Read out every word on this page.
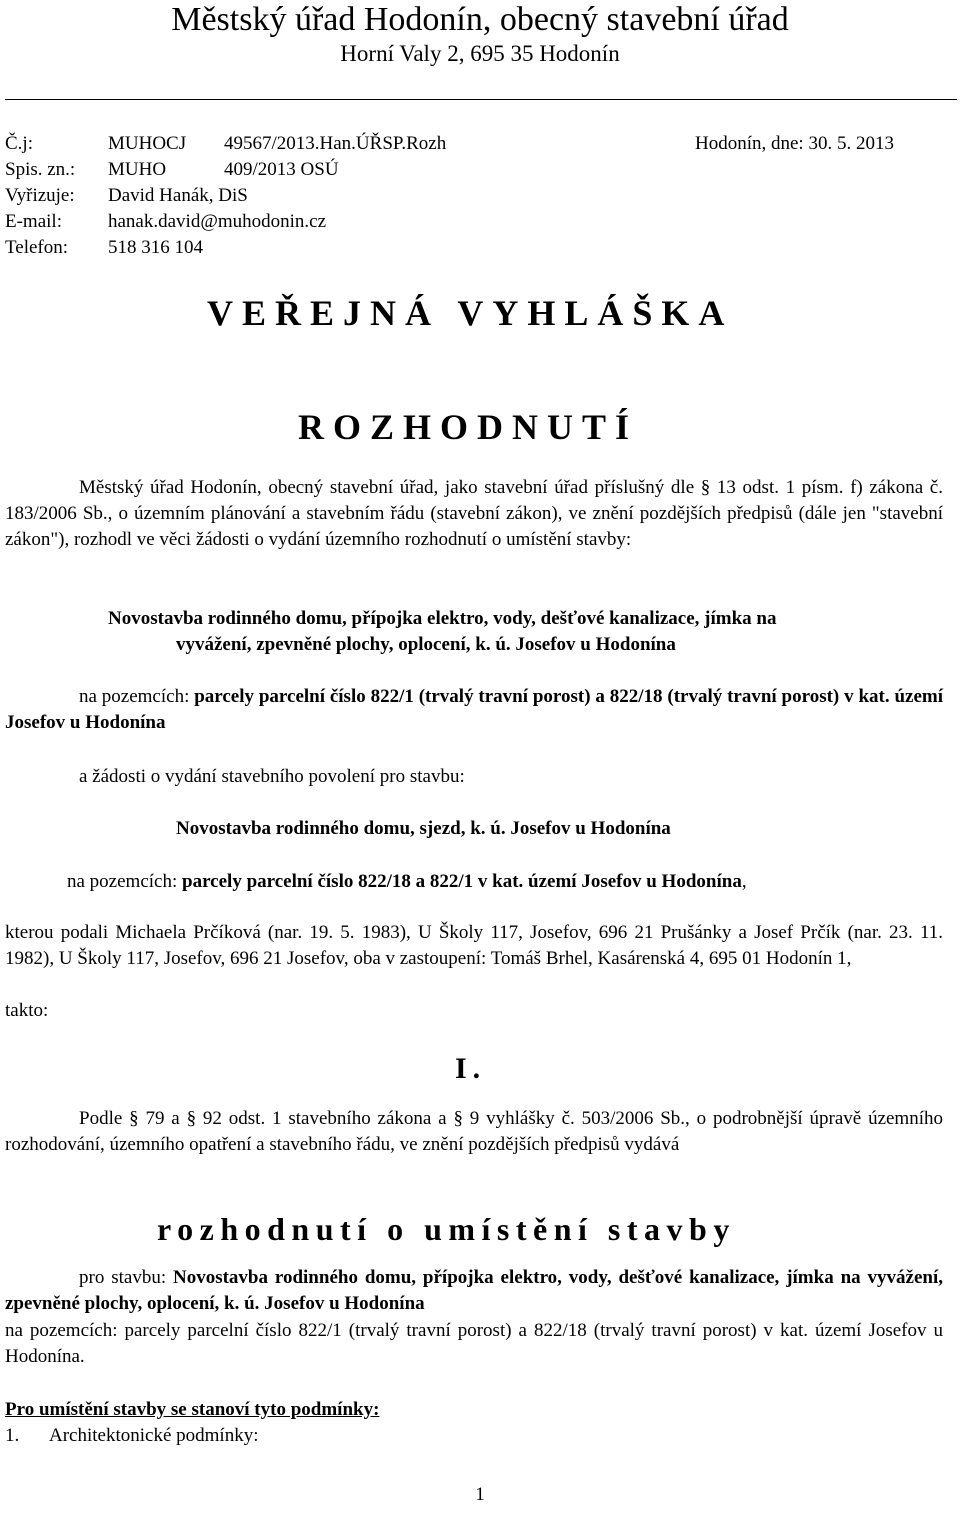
Městský úřad Hodonín, obecný stavební úřad
Horní Valy 2, 695 35 Hodonín
Č.j:	MUHOCJ 49567/2013.Han.ÚŘSP.Rozh	Hodonín, dne: 30. 5. 2013
Spis. zn.: MUHO	409/2013 OSÚ
Vyřizuje: David Hanák, DiS
E-mail: hanak.david@muhodonin.cz
Telefon: 518 316 104
VEŘEJNÁ VYHLÁŠKA
ROZHODNUTÍ
Městský úřad Hodonín, obecný stavební úřad, jako stavební úřad příslušný dle § 13 odst. 1 písm. f) zákona č. 183/2006 Sb., o územním plánování a stavebním řádu (stavební zákon), ve znění pozdějších předpisů (dále jen "stavební zákon"), rozhodl ve věci žádosti o vydání územního rozhodnutí o umístění stavby:
Novostavba rodinného domu, přípojka elektro, vody, dešťové kanalizace, jímka na
vyvážení, zpevněné plochy, oplocení, k. ú. Josefov u Hodonína
na pozemcích: parcely parcelní číslo 822/1 (trvalý travní porost) a 822/18 (trvalý travní porost) v kat. území Josefov u Hodonína
a žádosti o vydání stavebního povolení pro stavbu:
Novostavba rodinného domu, sjezd, k. ú. Josefov u Hodonína
na pozemcích: parcely parcelní číslo 822/18 a 822/1 v kat. území Josefov u Hodonína,
kterou podali Michaela Prčíková (nar. 19. 5. 1983), U Školy 117, Josefov, 696 21 Prušánky a Josef Prčík (nar. 23. 11. 1982), U Školy 117, Josefov, 696 21 Josefov, oba v zastoupení: Tomáš Brhel, Kasárenská 4, 695 01 Hodonín 1,
takto:
I.
Podle § 79 a § 92 odst. 1 stavebního zákona a § 9 vyhlášky č. 503/2006 Sb., o podrobnější úpravě územního rozhodování, územního opatření a stavebního řádu, ve znění pozdějších předpisů vydává
rozhodnutí o umístění stavby
pro stavbu: Novostavba rodinného domu, přípojka elektro, vody, dešťové kanalizace, jímka na vyvážení, zpevněné plochy, oplocení, k. ú. Josefov u Hodonína
na pozemcích: parcely parcelní číslo 822/1 (trvalý travní porost) a 822/18 (trvalý travní porost) v kat. území Josefov u Hodonína.
Pro umístění stavby se stanoví tyto podmínky:
1. Architektonické podmínky:
1
